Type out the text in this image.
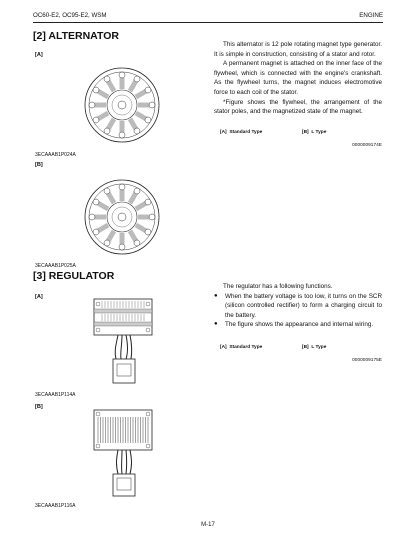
OC60-E2, OC95-E2, WSM	ENGINE
[2] ALTERNATOR
[A]
3ECAAAB1P024A
[B]
3ECAAAB1P025A

This alternator is 12 pole rotating magnet type generator. It is simple in construction, consisting of a stator and rotor.

A permanent magnet is attached on the inner face of the flywheel, which is connected with the engine's crankshaft. As the flywheel turns, the magnet induces electromotive force to each coil of the stator.

*Figure shows the flywheel, the arrangement of the stator poles, and the magnetized state of the magnet.

[A] Standard Type	[B] L Type
0000009174E
[3] REGULATOR
[A]
3ECAAAB1P114A
[B]
3ECAAAB1P116A

The regulator has a following functions.

● When the battery voltage is too low, it turns on the SCR (silicon controlled rectifier) to form a charging circuit to the battery.
● The figure shows the appearance and internal wiring.
[A] Standard Type	[B] L Type
0000009175E
M-17
